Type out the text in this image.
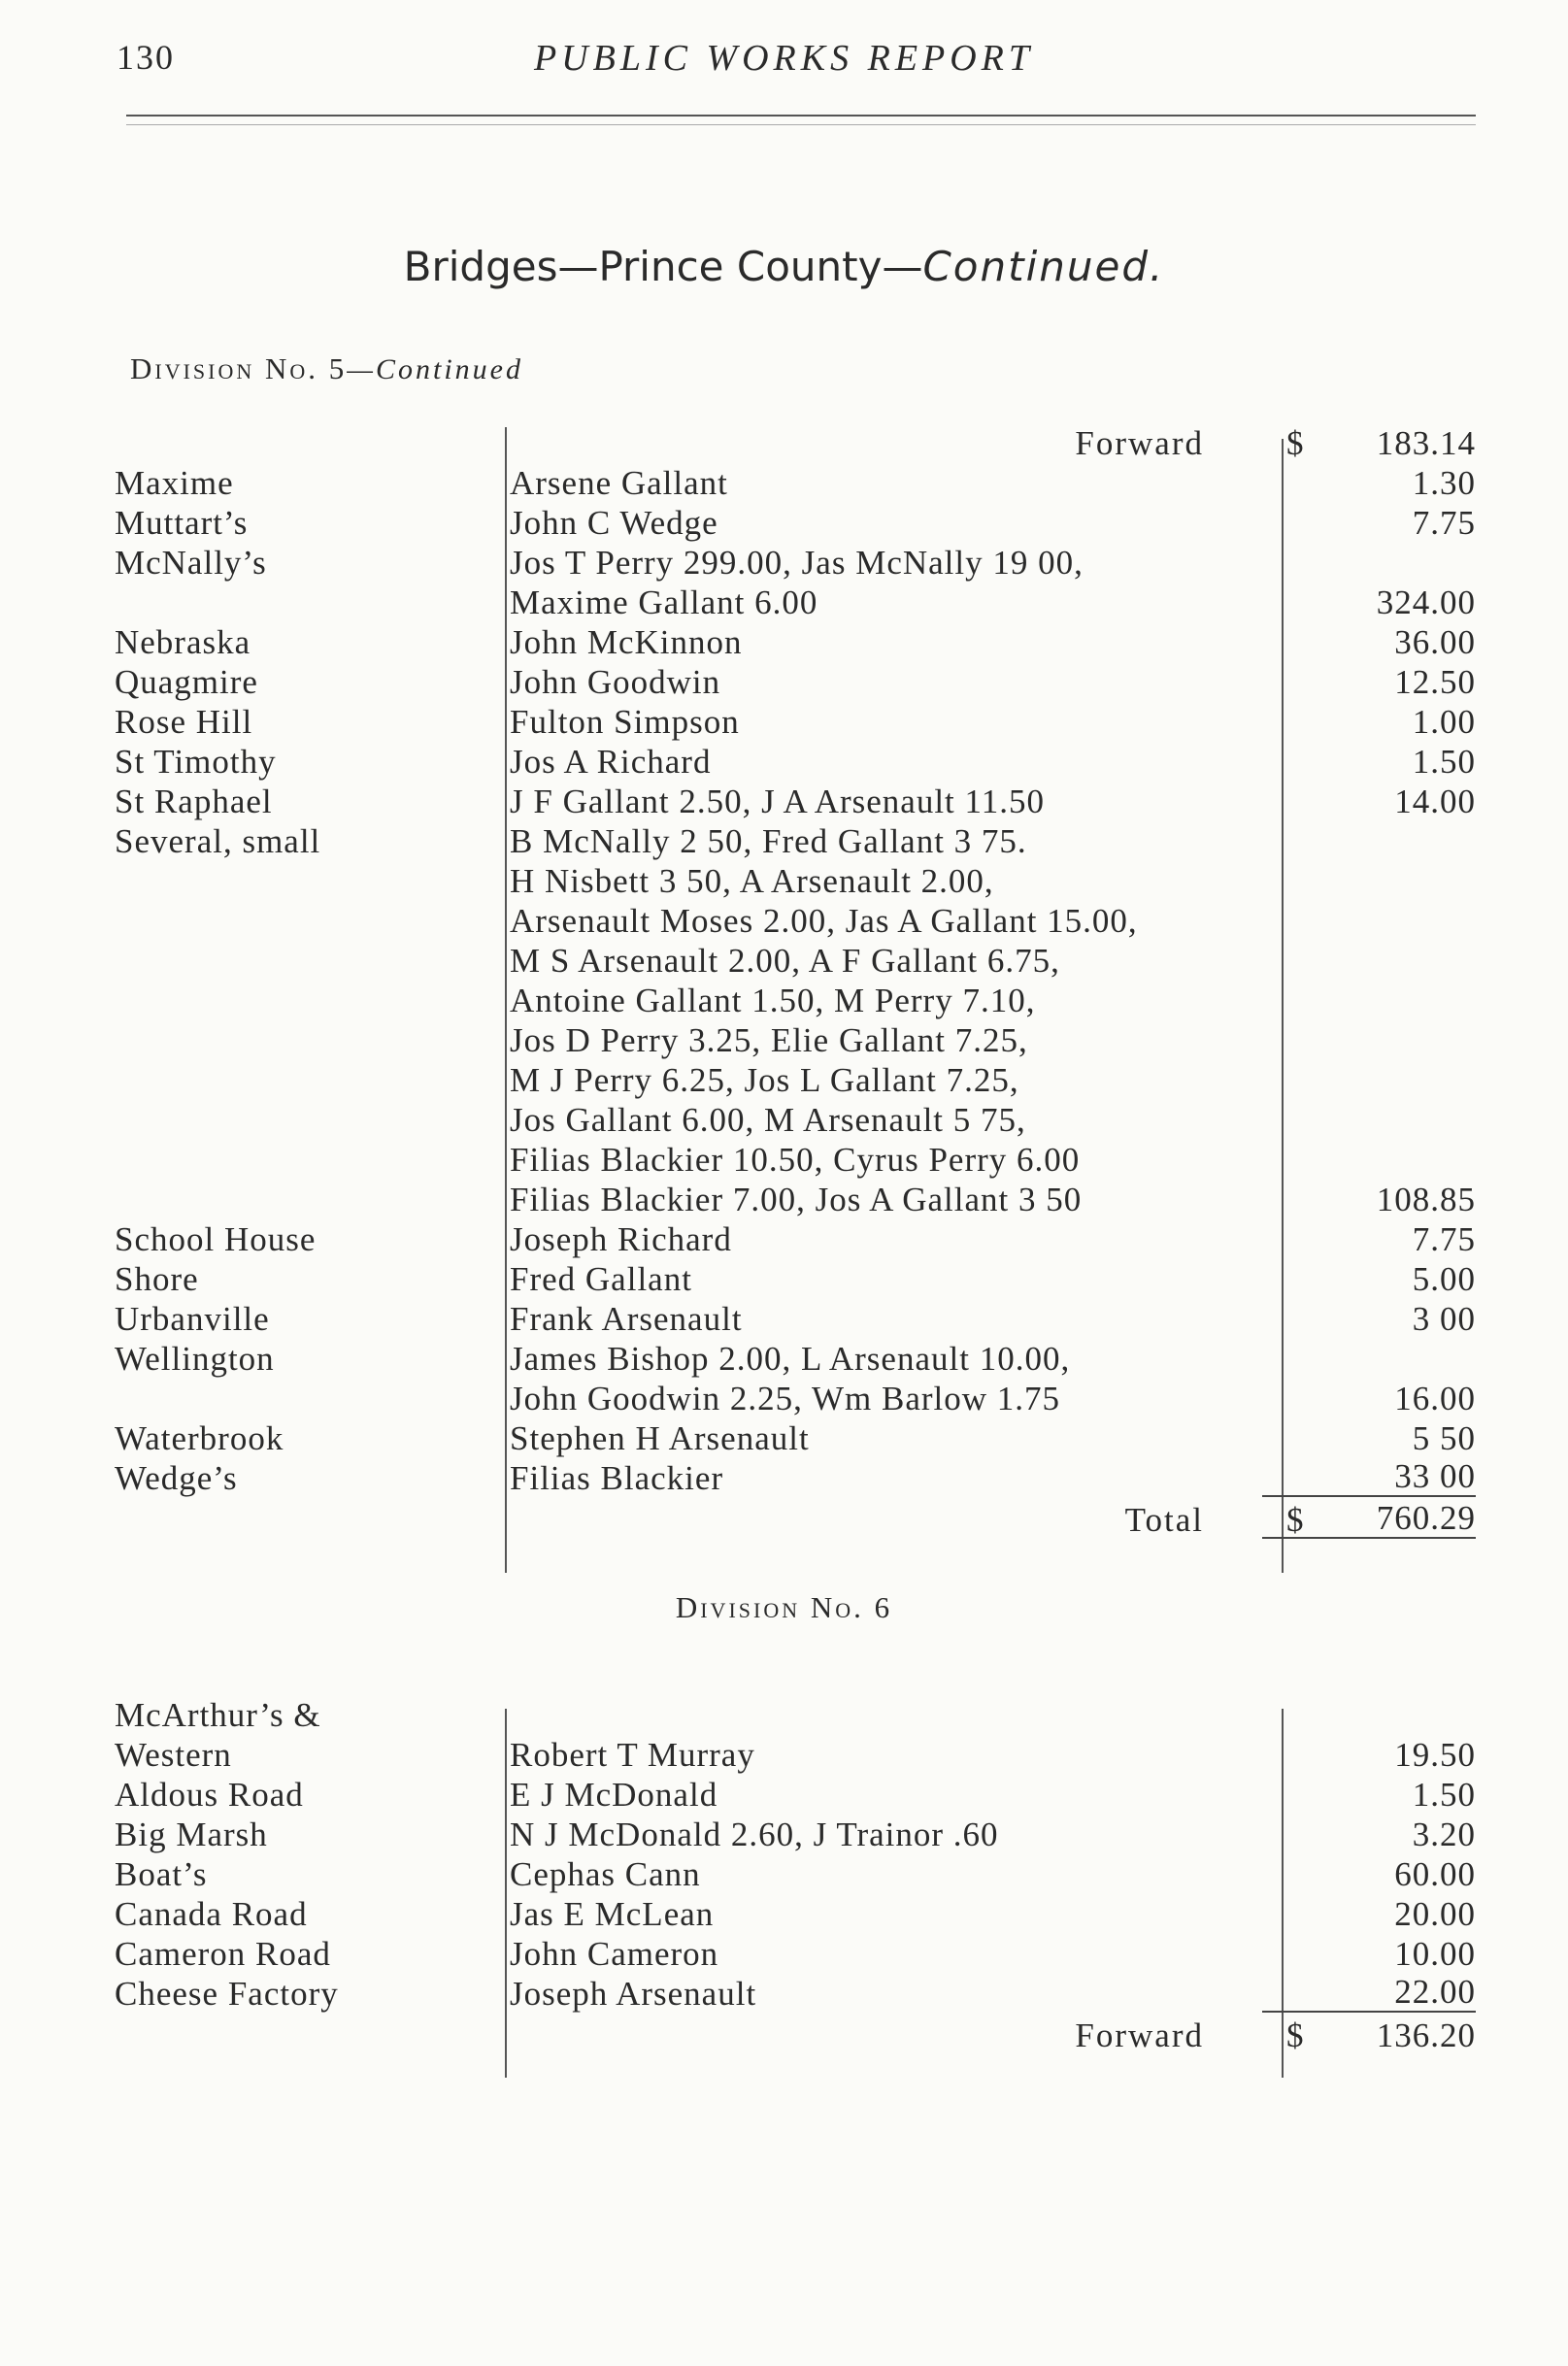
130	PUBLIC WORKS REPORT
Bridges—Prince County—Continued.
Division No. 5—Continued
Forward $	183.14
Maxime	Arsene Gallant	1.30
Muttart’s	John C Wedge	7.75
McNally’s	Jos T Perry 299.00, Jas McNally 19 00,
Maxime Gallant 6.00	324.00
Nebraska	John McKinnon	36.00
Quagmire	John Goodwin	12.50
Rose Hill	Fulton Simpson	1.00
St Timothy	Jos A Richard	1.50
St Raphael	J F Gallant 2.50, J A Arsenault 11.50	14.00
Several, small	B McNally 2 50, Fred Gallant 3 75.
H Nisbett 3 50, A Arsenault 2.00,
Arsenault Moses 2.00, Jas A Gallant 15.00,
M S Arsenault 2.00, A F Gallant 6.75,
Antoine Gallant 1.50, M Perry 7.10,
Jos D Perry 3.25, Elie Gallant 7.25,
M J Perry 6.25, Jos L Gallant 7.25,
Jos Gallant 6.00, M Arsenault 5 75,
Filias Blackier 10.50, Cyrus Perry 6.00
Filias Blackier 7.00, Jos A Gallant 3 50	108.85
School House	Joseph Richard	7.75
Shore	Fred Gallant	5.00
Urbanville	Frank Arsenault	3 00
Wellington	James Bishop 2.00, L Arsenault 10.00,
John Goodwin 2.25, Wm Barlow 1.75	16.00
Waterbrook	Stephen H Arsenault	5 50
Wedge’s	Filias Blackier	33 00
Total $	760.29
Division No. 6
McArthur’s &
Western	Robert T Murray	19.50
Aldous Road	E J McDonald	1.50
Big Marsh	N J McDonald 2.60, J Trainor .60	3.20
Boat’s	Cephas Cann	60.00
Canada Road	Jas E McLean	20.00
Cameron Road	John Cameron	10.00
Cheese Factory	Joseph Arsenault	22.00
Forward $	136.20
